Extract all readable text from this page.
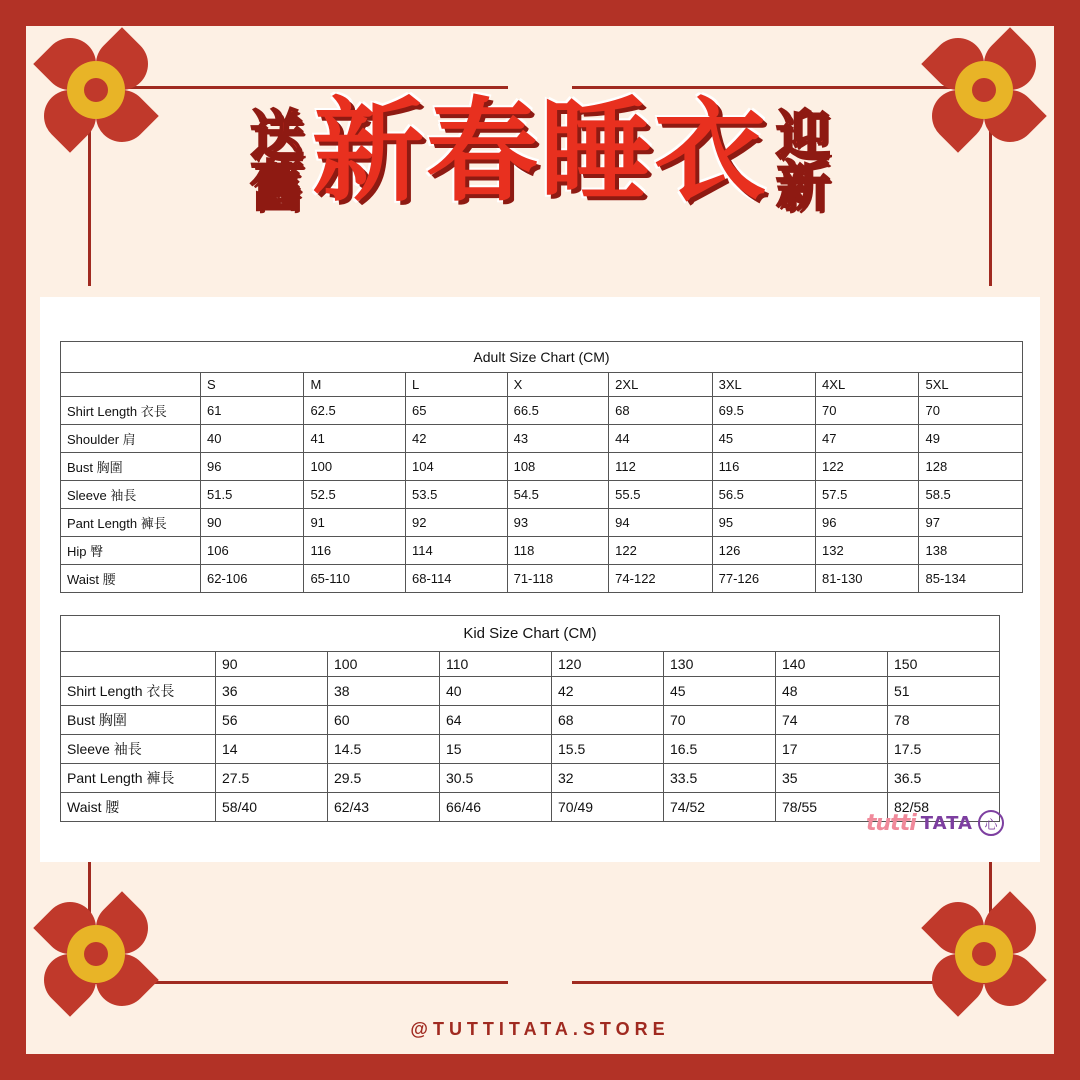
送
舊 新春睡衣 迎
新
Adult Size Chart (CM)
	S	M	L	X	2XL	3XL	4XL	5XL
Shirt Length 衣長	61	62.5	65	66.5	68	69.5	70	70
Shoulder 肩	40	41	42	43	44	45	47	49
Bust 胸圍	96	100	104	108	112	116	122	128
Sleeve 袖長	51.5	52.5	53.5	54.5	55.5	56.5	57.5	58.5
Pant Length 褲長	90	91	92	93	94	95	96	97
Hip 臀	106	116	114	118	122	126	132	138
Waist 腰	62-106	65-110	68-114	71-118	74-122	77-126	81-130	85-134
Kid Size Chart (CM)
	90	100	110	120	130	140	150
Shirt Length 衣長	36	38	40	42	45	48	51
Bust 胸圍	56	60	64	68	70	74	78
Sleeve 袖長	14	14.5	15	15.5	16.5	17	17.5
Pant Length 褲長	27.5	29.5	30.5	32	33.5	35	36.5
Waist 腰	58/40	62/43	66/46	70/49	74/52	78/55	82/58
tutti TATA 心
@TUTTITATA.STORE
